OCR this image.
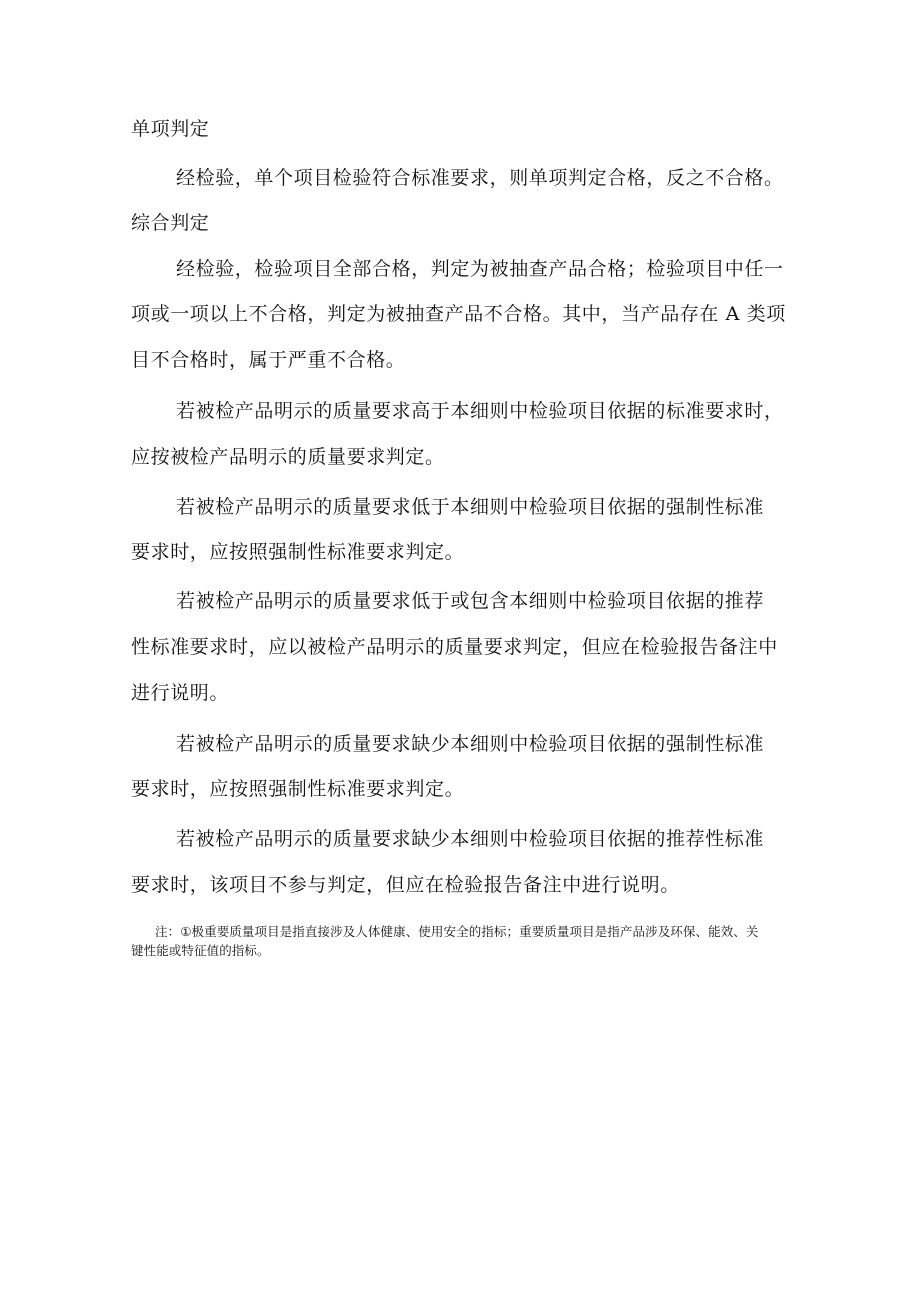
单项判定
经检验，单个项目检验符合标准要求，则单项判定合格，反之不合格。
综合判定
经检验，检验项目全部合格，判定为被抽查产品合格；检验项目中任一
项或一项以上不合格，判定为被抽查产品不合格。其中，当产品存在 A 类项
目不合格时，属于严重不合格。
若被检产品明示的质量要求高于本细则中检验项目依据的标准要求时，
应按被检产品明示的质量要求判定。
若被检产品明示的质量要求低于本细则中检验项目依据的强制性标准
要求时，应按照强制性标准要求判定。
若被检产品明示的质量要求低于或包含本细则中检验项目依据的推荐
性标准要求时，应以被检产品明示的质量要求判定，但应在检验报告备注中
进行说明。
若被检产品明示的质量要求缺少本细则中检验项目依据的强制性标准
要求时，应按照强制性标准要求判定。
若被检产品明示的质量要求缺少本细则中检验项目依据的推荐性标准
要求时，该项目不参与判定，但应在检验报告备注中进行说明。
注：①极重要质量项目是指直接涉及人体健康、使用安全的指标；重要质量项目是指产品涉及环保、能效、关
键性能或特征值的指标。
